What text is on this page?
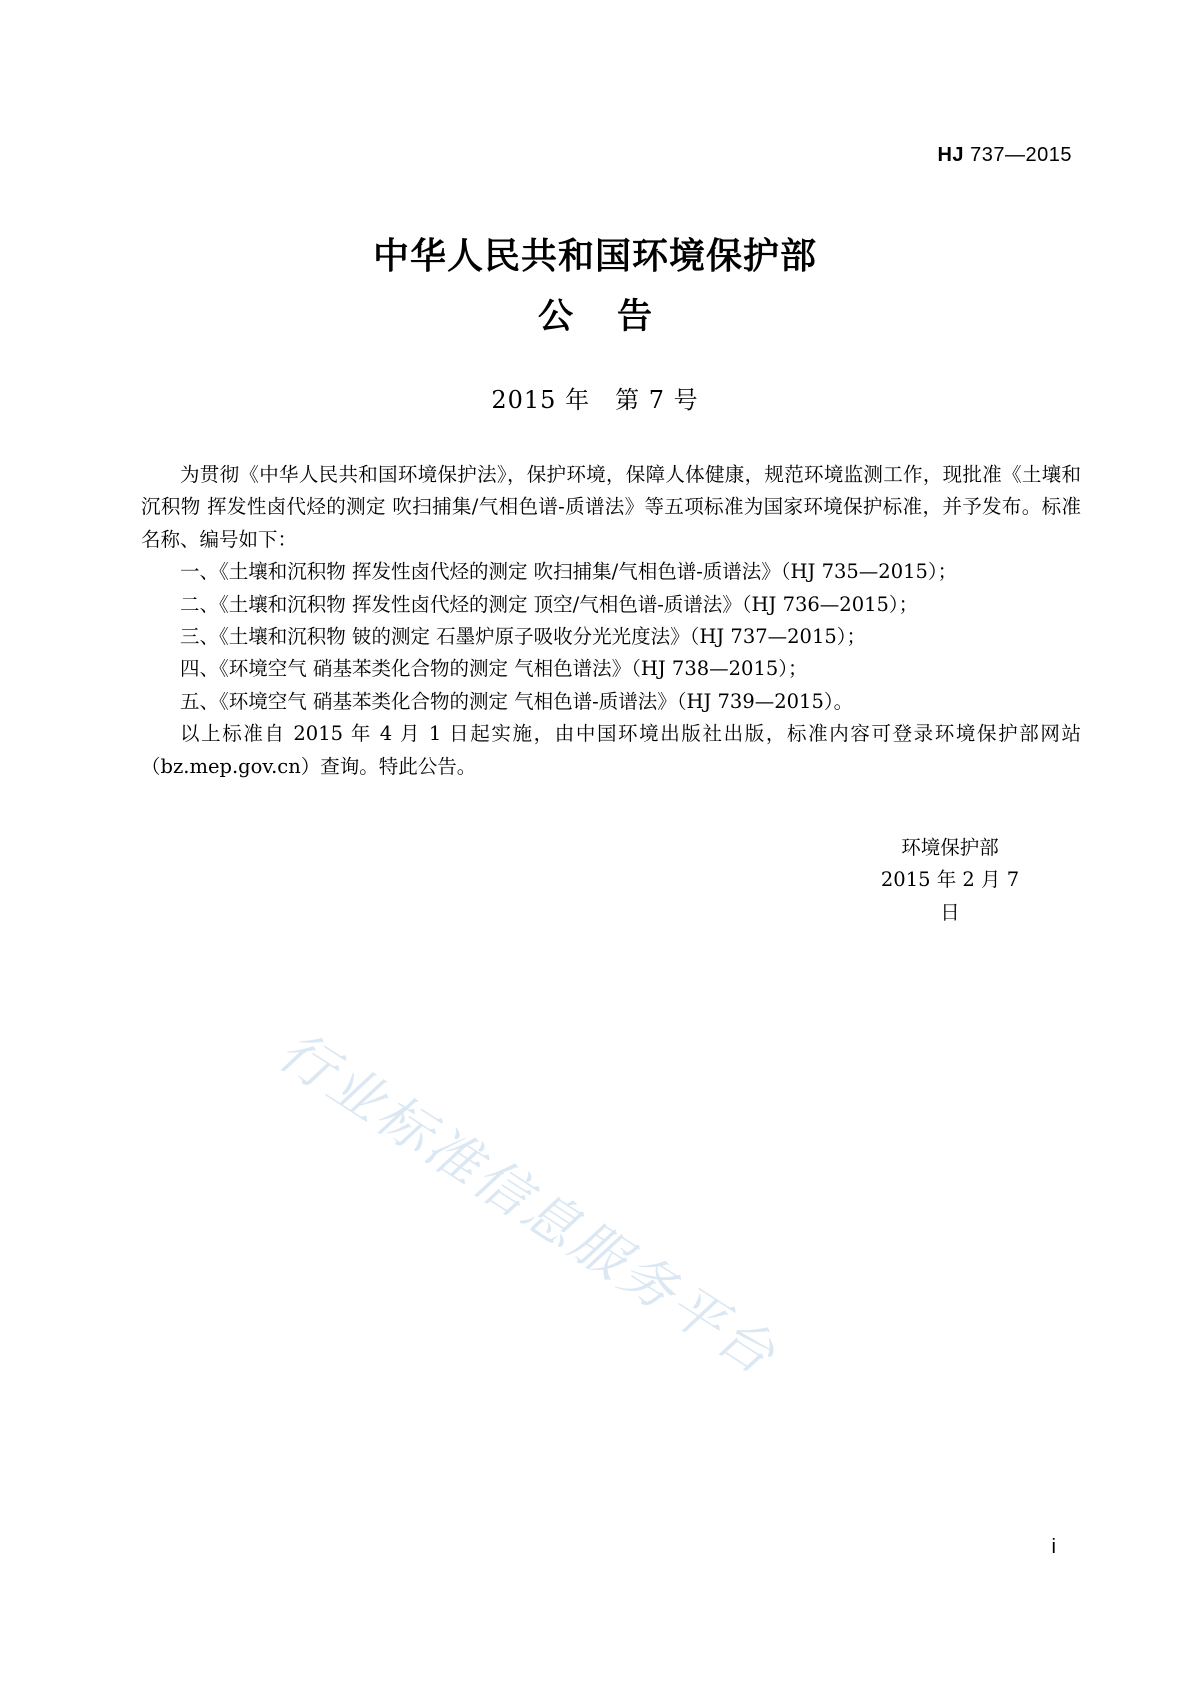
HJ 737—2015
中华人民共和国环境保护部
公告
2015 年　第 7 号

为贯彻《中华人民共和国环境保护法》，保护环境，保障人体健康，规范环境监测工作，现批准《土壤和沉积物 挥发性卤代烃的测定 吹扫捕集/气相色谱-质谱法》等五项标准为国家环境保护标准，并予发布。标准名称、编号如下：

一、《土壤和沉积物 挥发性卤代烃的测定 吹扫捕集/气相色谱-质谱法》（HJ 735—2015）；

二、《土壤和沉积物 挥发性卤代烃的测定 顶空/气相色谱-质谱法》（HJ 736—2015）；

三、《土壤和沉积物 铍的测定 石墨炉原子吸收分光光度法》（HJ 737—2015）；

四、《环境空气 硝基苯类化合物的测定 气相色谱法》（HJ 738—2015）；

五、《环境空气 硝基苯类化合物的测定 气相色谱-质谱法》（HJ 739—2015）。

以上标准自 2015 年 4 月 1 日起实施，由中国环境出版社出版，标准内容可登录环境保护部网站（bz.mep.gov.cn）查询。特此公告。

环境保护部
2015 年 2 月 7 日
行业标准信息服务平台
i
